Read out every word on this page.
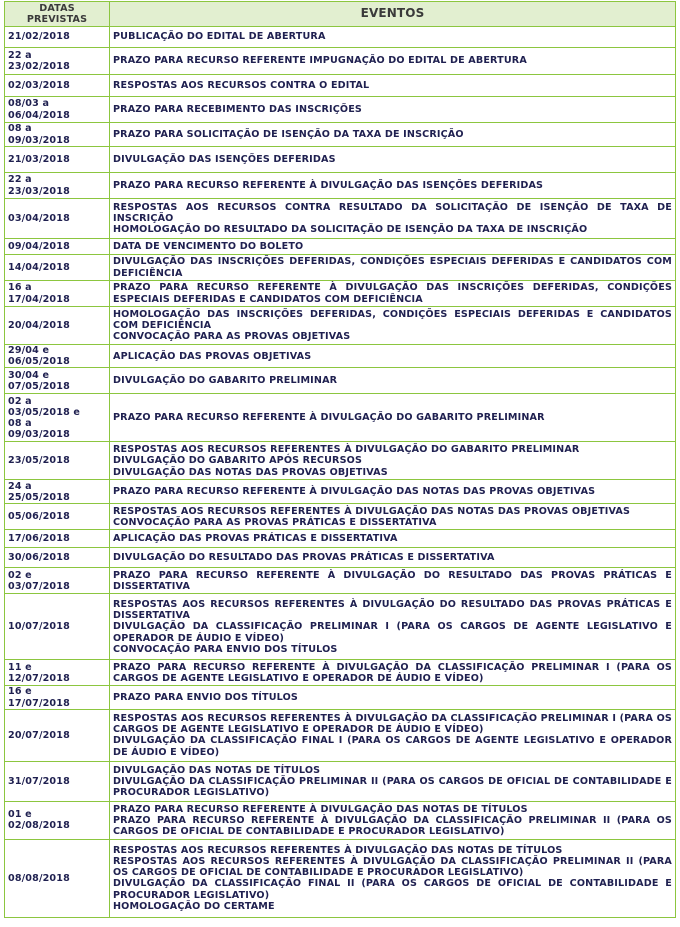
DATAS
PREVISTAS	EVENTOS
21/02/2018	PUBLICAÇÃO DO EDITAL DE ABERTURA

22 a
23/02/2018	PRAZO PARA RECURSO REFERENTE IMPUGNAÇÃO DO EDITAL DE ABERTURA

02/03/2018	RESPOSTAS AOS RECURSOS CONTRA O EDITAL

08/03 a
06/04/2018	PRAZO PARA RECEBIMENTO DAS INSCRIÇÕES

08 a
09/03/2018	PRAZO PARA SOLICITAÇÃO DE ISENÇÃO DA TAXA DE INSCRIÇÃO

21/03/2018	DIVULGAÇÃO DAS ISENÇÕES DEFERIDAS

22 a
23/03/2018	PRAZO PARA RECURSO REFERENTE À DIVULGAÇÃO DAS ISENÇÕES DEFERIDAS

03/04/2018	RESPOSTAS AOS RECURSOS CONTRA RESULTADO DA SOLICITAÇÃO DE ISENÇÃO DE TAXA DE INSCRIÇÃO
HOMOLOGAÇÃO DO RESULTADO DA SOLICITAÇÃO DE ISENÇÃO DA TAXA DE INSCRIÇÃO

09/04/2018	DATA DE VENCIMENTO DO BOLETO

14/04/2018	DIVULGAÇÃO DAS INSCRIÇÕES DEFERIDAS, CONDIÇÕES ESPECIAIS DEFERIDAS E CANDIDATOS COM DEFICIÊNCIA

16 a
17/04/2018	PRAZO PARA RECURSO REFERENTE À DIVULGAÇÃO DAS INSCRIÇÕES DEFERIDAS, CONDIÇÕES ESPECIAIS DEFERIDAS E CANDIDATOS COM DEFICIÊNCIA

20/04/2018	HOMOLOGAÇÃO DAS INSCRIÇÕES DEFERIDAS, CONDIÇÕES ESPECIAIS DEFERIDAS E CANDIDATOS COM DEFICIÊNCIA
CONVOCAÇÃO PARA AS PROVAS OBJETIVAS

29/04 e
06/05/2018	APLICAÇÃO DAS PROVAS OBJETIVAS

30/04 e
07/05/2018	DIVULGAÇÃO DO GABARITO PRELIMINAR

02 a
03/05/2018 e
08 a
09/03/2018	PRAZO PARA RECURSO REFERENTE À DIVULGAÇÃO DO GABARITO PRELIMINAR

23/05/2018	RESPOSTAS AOS RECURSOS REFERENTES À DIVULGAÇÃO DO GABARITO PRELIMINAR
DIVULGAÇÃO DO GABARITO APÓS RECURSOS
DIVULGAÇÃO DAS NOTAS DAS PROVAS OBJETIVAS

24 a
25/05/2018	PRAZO PARA RECURSO REFERENTE À DIVULGAÇÃO DAS NOTAS DAS PROVAS OBJETIVAS

05/06/2018	RESPOSTAS AOS RECURSOS REFERENTES À DIVULGAÇÃO DAS NOTAS DAS PROVAS OBJETIVAS
CONVOCAÇÃO PARA AS PROVAS PRÁTICAS E DISSERTATIVA

17/06/2018	APLICAÇÃO DAS PROVAS PRÁTICAS E DISSERTATIVA

30/06/2018	DIVULGAÇÃO DO RESULTADO DAS PROVAS PRÁTICAS E DISSERTATIVA

02 e
03/07/2018	PRAZO PARA RECURSO REFERENTE À DIVULGAÇÃO DO RESULTADO DAS PROVAS PRÁTICAS E DISSERTATIVA

10/07/2018	RESPOSTAS AOS RECURSOS REFERENTES À DIVULGAÇÃO DO RESULTADO DAS PROVAS PRÁTICAS E DISSERTATIVA
DIVULGAÇÃO DA CLASSIFICAÇÃO PRELIMINAR I (PARA OS CARGOS DE AGENTE LEGISLATIVO E OPERADOR DE ÁUDIO E VÍDEO)
CONVOCAÇÃO PARA ENVIO DOS TÍTULOS

11 e
12/07/2018	PRAZO PARA RECURSO REFERENTE À DIVULGAÇÃO DA CLASSIFICAÇÃO PRELIMINAR I (PARA OS CARGOS DE AGENTE LEGISLATIVO E OPERADOR DE ÁUDIO E VÍDEO)

16 e
17/07/2018	PRAZO PARA ENVIO DOS TÍTULOS

20/07/2018	RESPOSTAS AOS RECURSOS REFERENTES À DIVULGAÇÃO DA CLASSIFICAÇÃO PRELIMINAR I (PARA OS CARGOS DE AGENTE LEGISLATIVO E OPERADOR DE ÁUDIO E VÍDEO)
DIVULGAÇÃO DA CLASSIFICAÇÃO FINAL I (PARA OS CARGOS DE AGENTE LEGISLATIVO E OPERADOR DE ÁUDIO E VÍDEO)

31/07/2018	DIVULGAÇÃO DAS NOTAS DE TÍTULOS
DIVULGAÇÃO DA CLASSIFICAÇÃO PRELIMINAR II (PARA OS CARGOS DE OFICIAL DE CONTABILIDADE E PROCURADOR LEGISLATIVO)

01 e
02/08/2018	PRAZO PARA RECURSO REFERENTE À DIVULGAÇÃO DAS NOTAS DE TÍTULOS
PRAZO PARA RECURSO REFERENTE À DIVULGAÇÃO DA CLASSIFICAÇÃO PRELIMINAR II (PARA OS CARGOS DE OFICIAL DE CONTABILIDADE E PROCURADOR LEGISLATIVO)

08/08/2018	RESPOSTAS AOS RECURSOS REFERENTES À DIVULGAÇÃO DAS NOTAS DE TÍTULOS
RESPOSTAS AOS RECURSOS REFERENTES À DIVULGAÇÃO DA CLASSIFICAÇÃO PRELIMINAR II (PARA OS CARGOS DE OFICIAL DE CONTABILIDADE E PROCURADOR LEGISLATIVO)
DIVULGAÇÃO DA CLASSIFICAÇÃO FINAL II (PARA OS CARGOS DE OFICIAL DE CONTABILIDADE E PROCURADOR LEGISLATIVO)
HOMOLOGAÇÃO DO CERTAME
